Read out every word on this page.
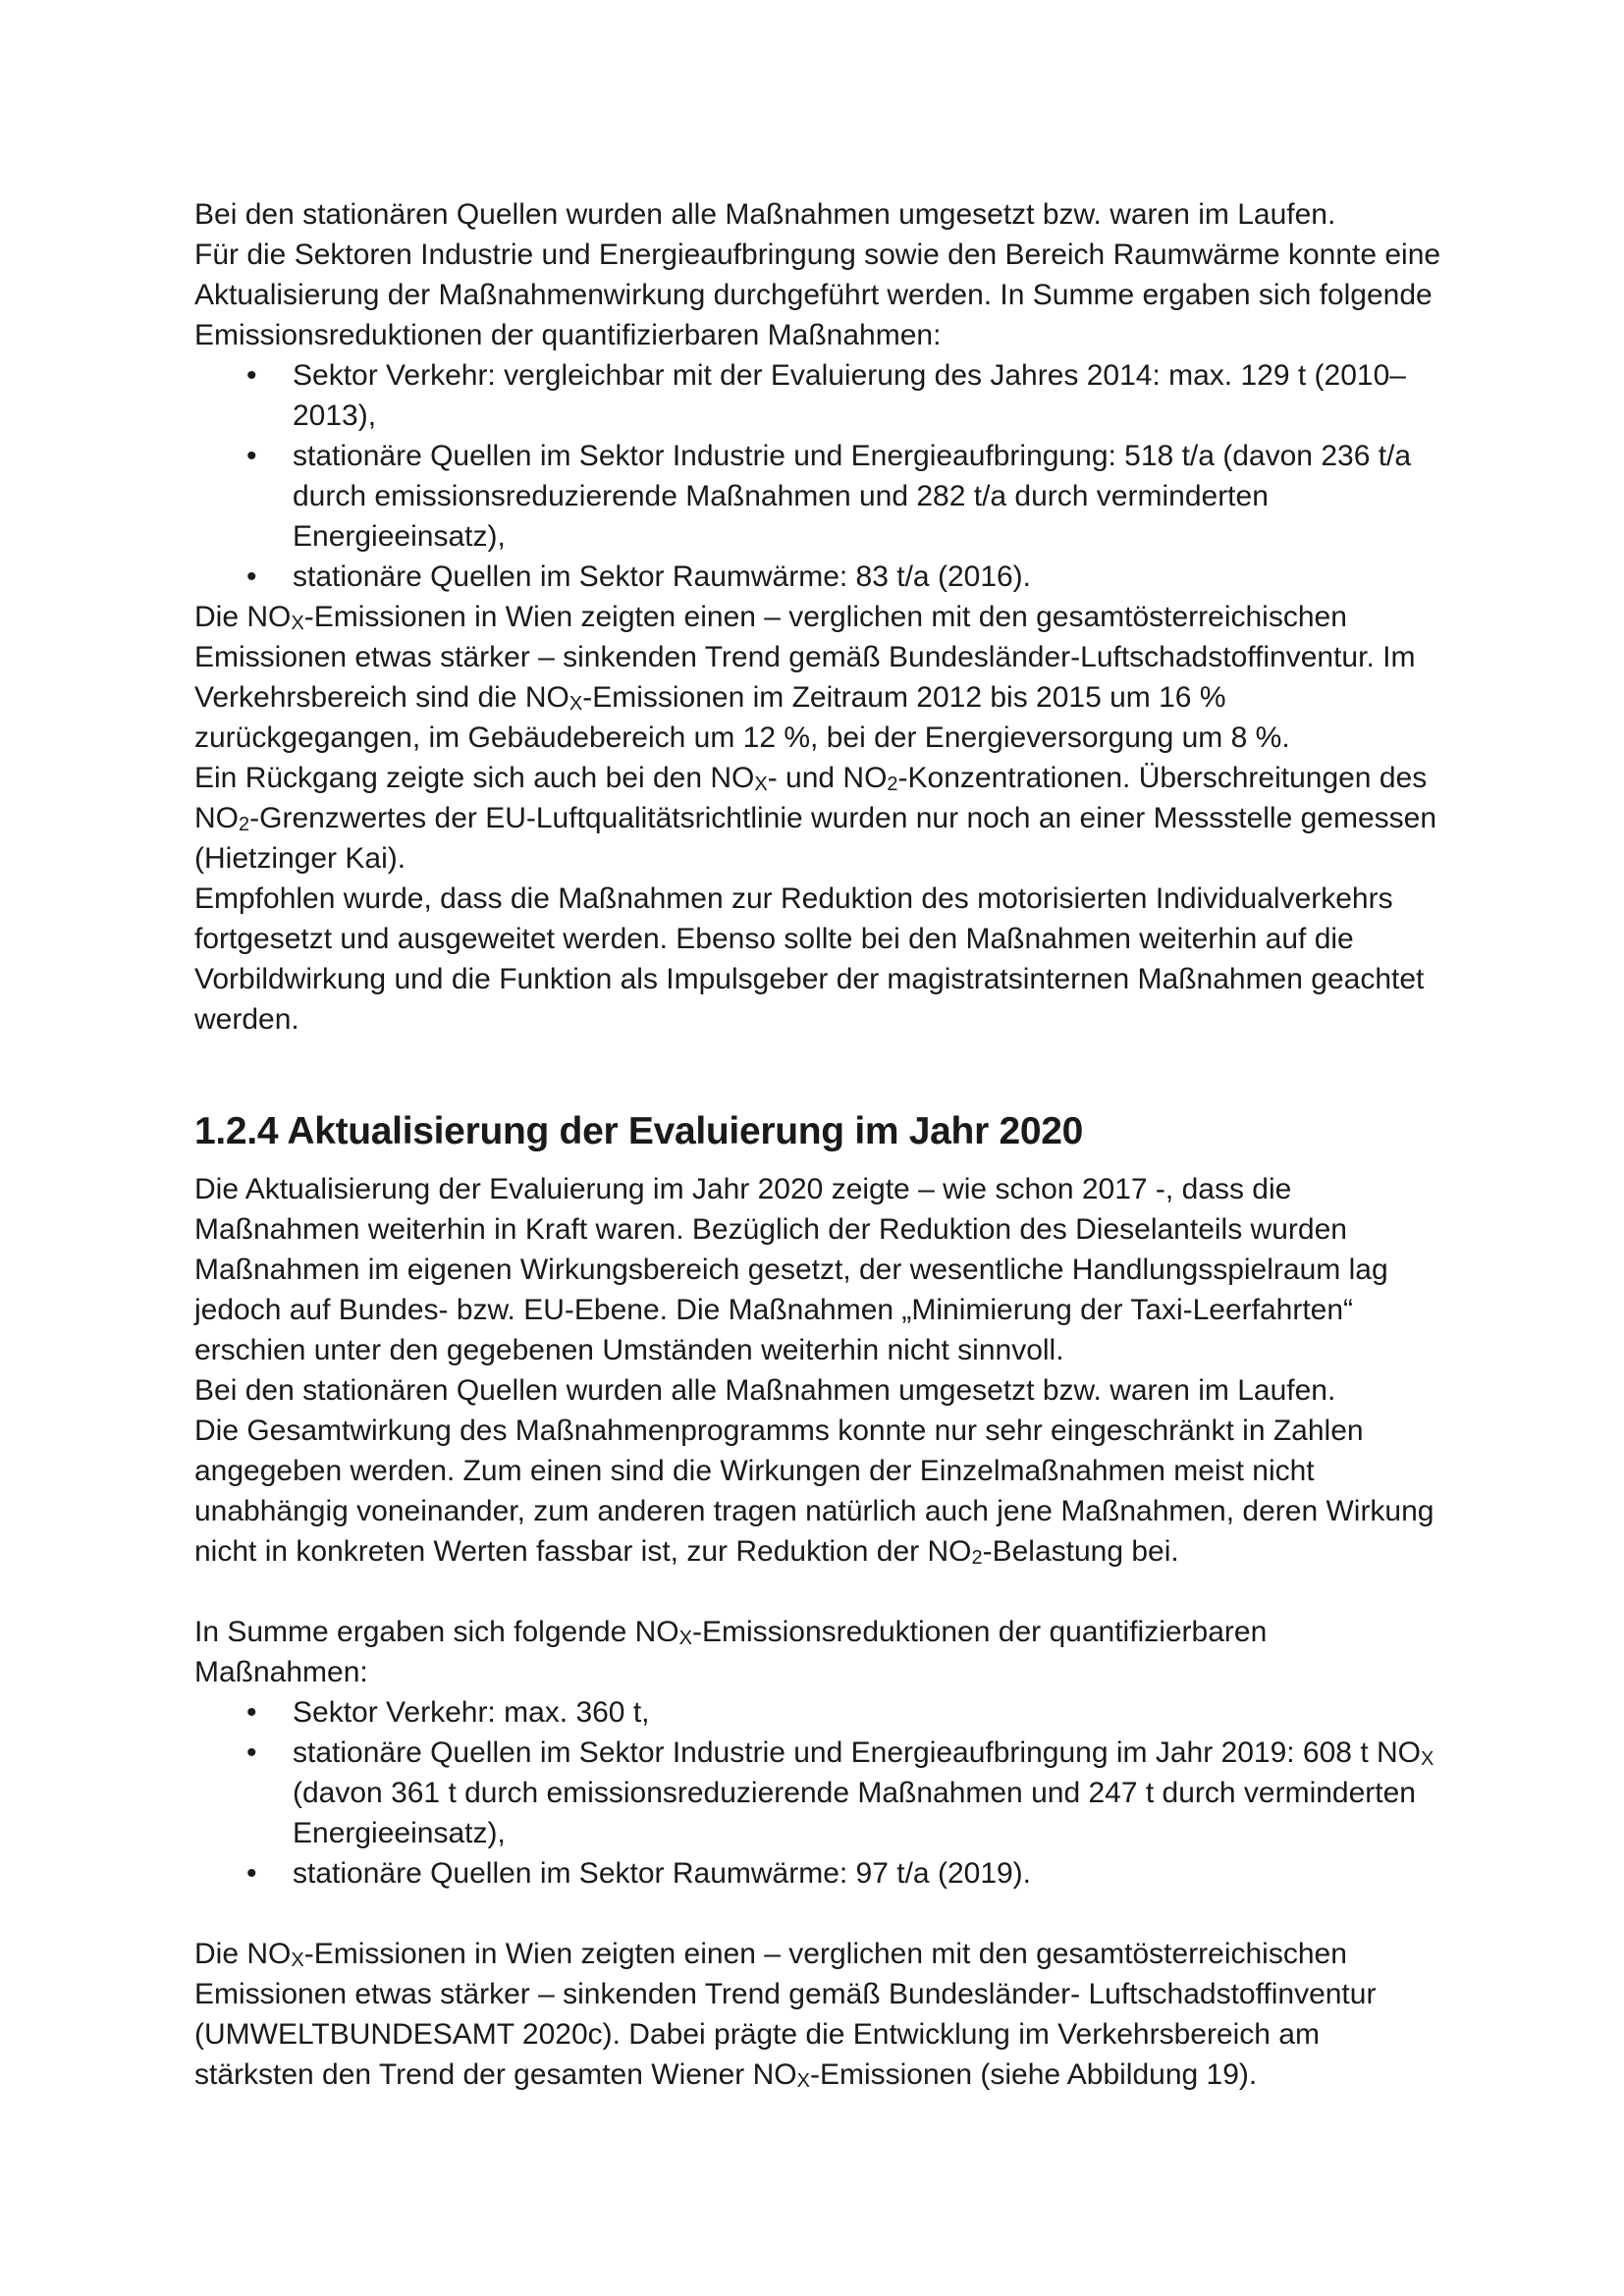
Bei den stationären Quellen wurden alle Maßnahmen umgesetzt bzw. waren im Laufen.

Für die Sektoren Industrie und Energieaufbringung sowie den Bereich Raumwärme konnte eine Aktualisierung der Maßnahmenwirkung durchgeführt werden. In Summe ergaben sich folgende Emissionsreduktionen der quantifizierbaren Maßnahmen:

• Sektor Verkehr: vergleichbar mit der Evaluierung des Jahres 2014: max. 129 t (2010–2013),
• stationäre Quellen im Sektor Industrie und Energieaufbringung: 518 t/a (davon 236 t/a durch emissionsreduzierende Maßnahmen und 282 t/a durch verminderten Energieeinsatz),
• stationäre Quellen im Sektor Raumwärme: 83 t/a (2016).

Die $NO_X$-Emissionen in Wien zeigten einen – verglichen mit den gesamtösterreichischen Emissionen etwas stärker – sinkenden Trend gemäß Bundesländer-Luftschadstoffinventur. Im Verkehrsbereich sind die $NO_X$-Emissionen im Zeitraum 2012 bis 2015 um 16 % zurückgegangen, im Gebäudebereich um 12 %, bei der Energieversorgung um 8 %.

Ein Rückgang zeigte sich auch bei den $NO_X-$ und $NO_2$-Konzentrationen. Überschreitungen des $NO_2$-Grenzwertes der EU-Luftqualitätsrichtlinie wurden nur noch an einer Messstelle gemessen (Hietzinger Kai).

Empfohlen wurde, dass die Maßnahmen zur Reduktion des motorisierten Individualverkehrs fortgesetzt und ausgeweitet werden. Ebenso sollte bei den Maßnahmen weiterhin auf die Vorbildwirkung und die Funktion als Impulsgeber der magistratsinternen Maßnahmen geachtet werden.

1.2.4 Aktualisierung der Evaluierung im Jahr 2020

Die Aktualisierung der Evaluierung im Jahr 2020 zeigte – wie schon 2017 -, dass die Maßnahmen weiterhin in Kraft waren. Bezüglich der Reduktion des Dieselanteils wurden Maßnahmen im eigenen Wirkungsbereich gesetzt, der wesentliche Handlungsspielraum lag jedoch auf Bundes- bzw. EU-Ebene. Die Maßnahmen „Minimierung der Taxi-Leerfahrten“ erschien unter den gegebenen Umständen weiterhin nicht sinnvoll.

Bei den stationären Quellen wurden alle Maßnahmen umgesetzt bzw. waren im Laufen.

Die Gesamtwirkung des Maßnahmenprogramms konnte nur sehr eingeschränkt in Zahlen angegeben werden. Zum einen sind die Wirkungen der Einzelmaßnahmen meist nicht unabhängig voneinander, zum anderen tragen natürlich auch jene Maßnahmen, deren Wirkung nicht in konkreten Werten fassbar ist, zur Reduktion der $NO_2$-Belastung bei.

In Summe ergaben sich folgende $NO_X$-Emissionsreduktionen der quantifizierbaren Maßnahmen:

• Sektor Verkehr: max. 360 t,
• stationäre Quellen im Sektor Industrie und Energieaufbringung im Jahr 2019: 608 t $NO_X$ (davon 361 t durch emissionsreduzierende Maßnahmen und 247 t durch verminderten Energieeinsatz),
• stationäre Quellen im Sektor Raumwärme: 97 t/a (2019).

Die $NO_X$-Emissionen in Wien zeigten einen – verglichen mit den gesamtösterreichischen Emissionen etwas stärker – sinkenden Trend gemäß Bundesländer- Luftschadstoffinventur (UMWELTBUNDESAMT 2020c). Dabei prägte die Entwicklung im Verkehrsbereich am stärksten den Trend der gesamten Wiener $NO_X$-Emissionen (siehe Abbildung 19).
